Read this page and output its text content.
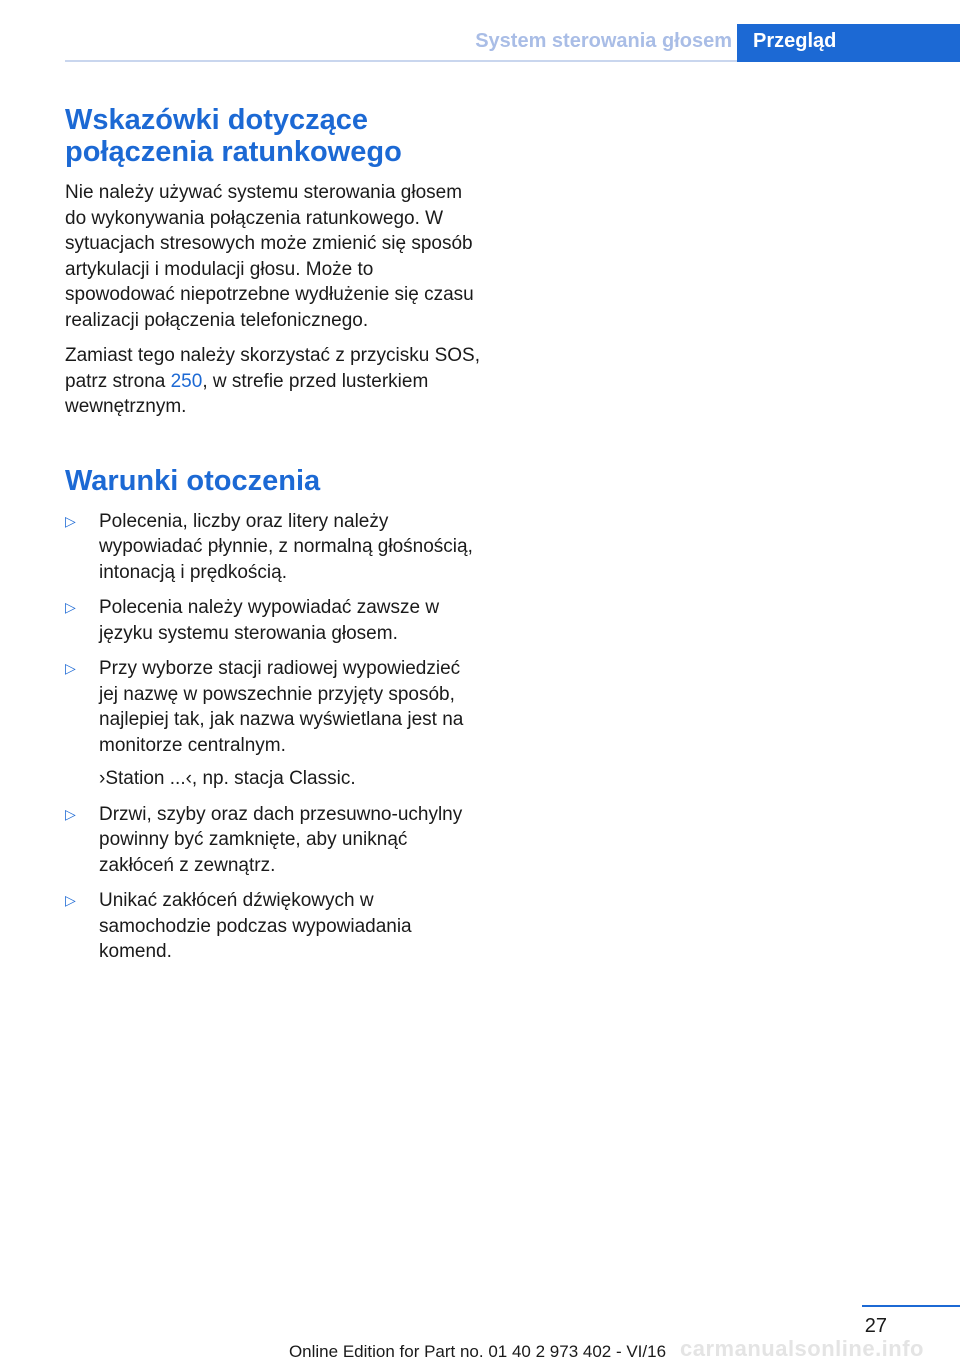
System sterowania głosem	Przegląd
Wskazówki dotyczące
połączenia ratunkowego

Nie należy używać systemu sterowania głosem do wykonywania połączenia ratunkowego. W sytuacjach stresowych może zmienić się sposób artykulacji i modulacji głosu. Może to spowodować niepotrzebne wydłużenie się czasu realizacji połączenia telefonicznego.

Zamiast tego należy skorzystać z przycisku SOS, patrz strona 250, w strefie przed lusterkiem wewnętrznym.

Warunki otoczenia
▷ Polecenia, liczby oraz litery należy wypowiadać płynnie, z normalną głośnością, intonacją i prędkością.
▷ Polecenia należy wypowiadać zawsze w języku systemu sterowania głosem.
▷ Przy wyborze stacji radiowej wypowiedzieć jej nazwę w powszechnie przyjęty sposób, najlepiej tak, jak nazwa wyświetlana jest na monitorze centralnym.
›Station ...‹, np. stacja Classic.
▷ Drzwi, szyby oraz dach przesuwno-uchylny powinny być zamknięte, aby uniknąć zakłóceń z zewnątrz.
▷ Unikać zakłóceń dźwiękowych w samochodzie podczas wypowiadania komend.
27
Online Edition for Part no. 01 40 2 973 402 - VI/16 carmanualsonline.info
